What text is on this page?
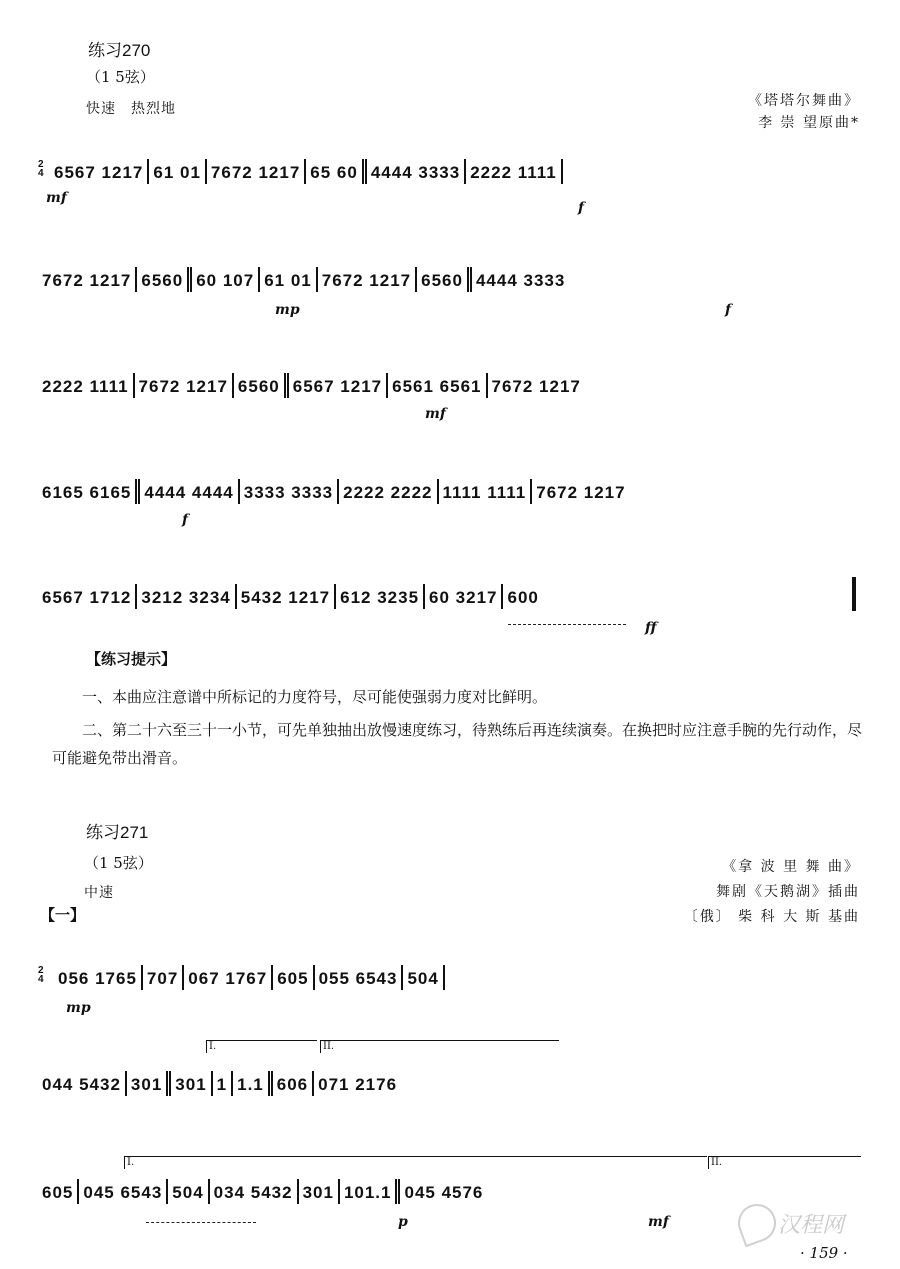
练习270
（1 5弦）
快速　热烈地	《塔塔尔舞曲》
李 崇 望原曲*
2
4 6567 1217 61 01 7672 1217 65 60 4444 3333 2222 1111
mf
f
7672 1217 6560 60 107 61 01 7672 1217 6560 4444 3333
mp	f
2222 1111 7672 1217 6560 6567 1217 6561 6561 7672 1217
mf
6165 6165 4444 4444 3333 3333 2222 2222 1111 1111 7672 1217
f
6567 1712 3212 3234 5432 1217 612 3235 60 3217 600
ff
【练习提示】
一、本曲应注意谱中所标记的力度符号，尽可能使强弱力度对比鲜明。
二、第二十六至三十一小节，可先单独抽出放慢速度练习，待熟练后再连续演奏。在换把时应注意手腕的先行动作，尽可能避免带出滑音。
练习271
（1 5弦）
中速
【一】
《拿 波 里 舞 曲》
舞剧《天鹅湖》插曲
〔俄〕 柴 科 大 斯 基曲
2
4 056 1765 707 067 1767 605 055 6543 504
mp
I.	II.
044 5432 301 301 1 1.1 606 071 2176
I.	II.
605 045 6543 504 034 5432 301 101.1 045 4576
p	mf	汉程网
· 159 ·
